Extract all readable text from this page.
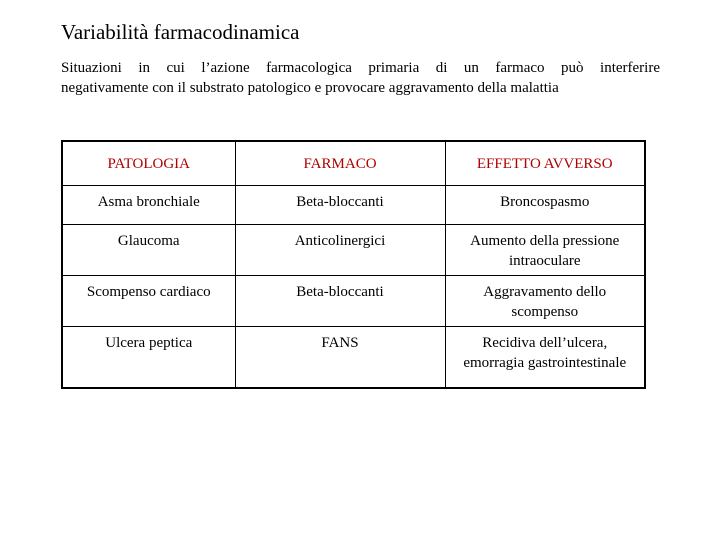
Variabilità farmacodinamica
Situazioni in cui l’azione farmacologica primaria di un farmaco può interferire
negativamente con il substrato patologico e provocare aggravamento della malattia
PATOLOGIA	FARMACO	EFFETTO AVVERSO
Asma bronchiale	Beta-bloccanti	Broncospasmo
Glaucoma	Anticolinergici	Aumento della pressione intraoculare
Scompenso cardiaco	Beta-bloccanti	Aggravamento dello scompenso
Ulcera peptica	FANS	Recidiva dell’ulcera, emorragia gastrointestinale
